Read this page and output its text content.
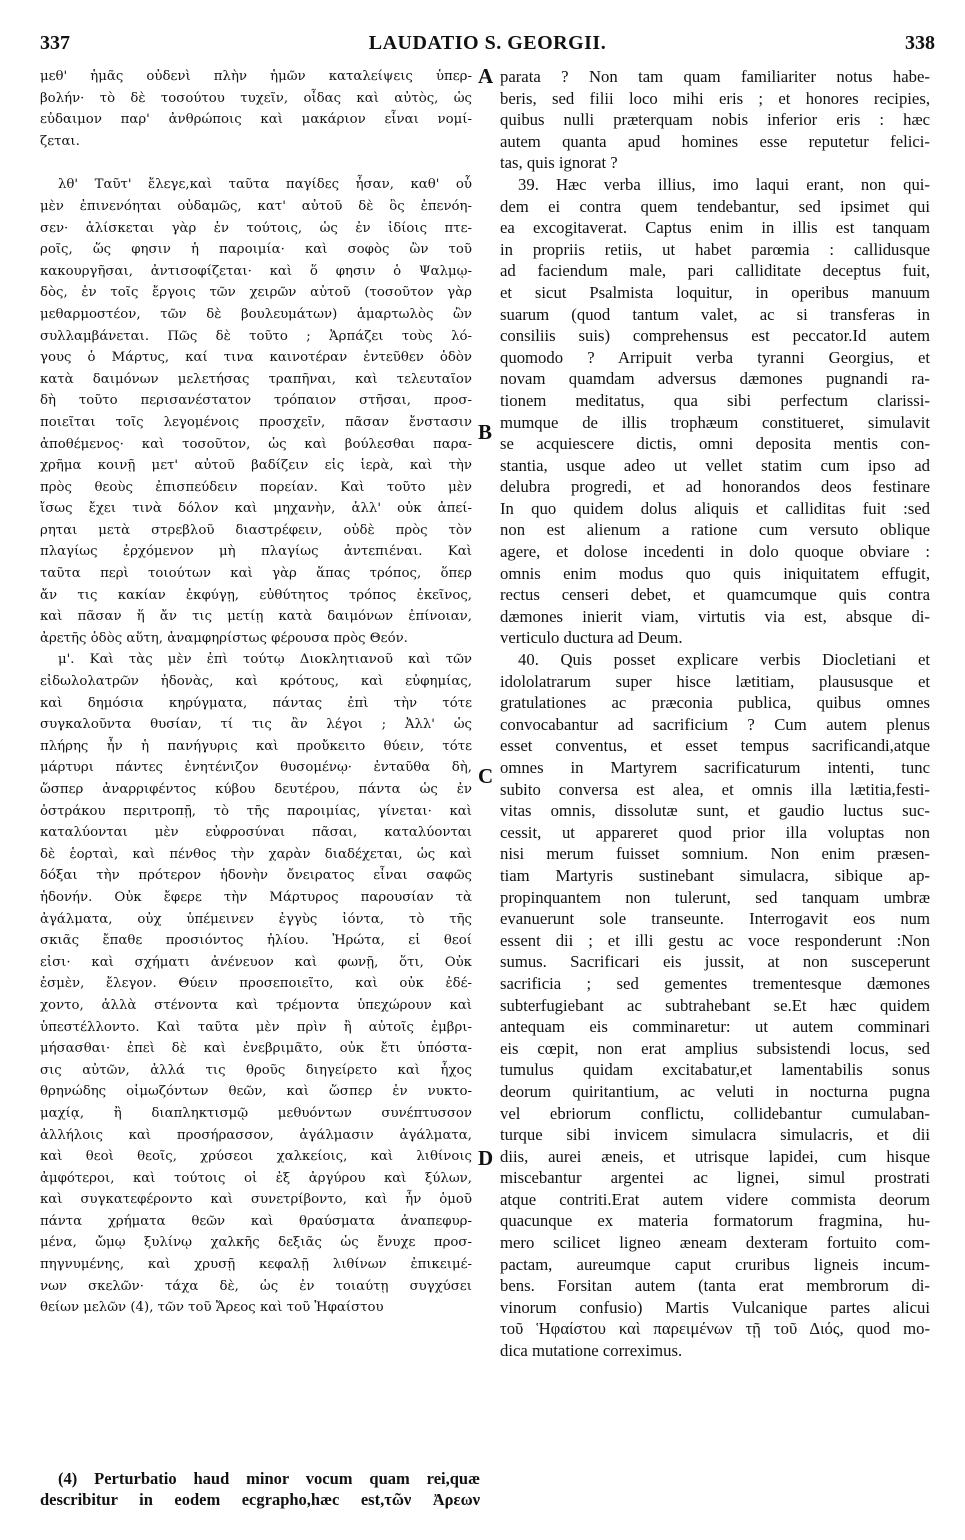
337	LAUDATIO S. GEORGII.	338
μεθ' ἡμᾶς οὐδενὶ πλὴν ἡμῶν καταλείψεις ὑπερ-
βολήν· τὸ δὲ τοσούτου τυχεῖν, οἶδας καὶ αὐτὸς, ὡς
εὐδαιμον παρ' ἀνθρώποις καὶ μακάριον εἶναι νομί-
ζεται.
λθ' Ταῦτ' ἔλεγε,καὶ ταῦτα παγίδες ἦσαν, καθ' οὗ
μὲν ἐπινενόηται οὐδαμῶς, κατ' αὐτοῦ δὲ ὃς ἐπενόη-
σεν· ἁλίσκεται γὰρ ἐν τούτοις, ὡς ἐν ἰδίοις πτε-
ροῖς, ὥς φησιν ἡ παροιμία· καὶ σοφὸς ὢν τοῦ
κακουργῆσαι, ἀντισοφίζεται· καὶ ὅ φησιν ὁ Ψαλμῳ-
δὸς, ἐν τοῖς ἔργοις τῶν χειρῶν αὐτοῦ (τοσοῦτον γὰρ
μεθαρμοστέον, τῶν δὲ βουλευμάτων) ἁμαρτωλὸς ὢν
συλλαμβάνεται. Πῶς δὲ τοῦτο ; Ἁρπάζει τοὺς λό-
γους ὁ Μάρτυς, καί τινα καινοτέραν ἐντεῦθεν ὁδὸν
κατὰ δαιμόνων μελετήσας τραπῆναι, καὶ τελευταῖον
δὴ τοῦτο περισανέστατον τρόπαιον στῆσαι, προσ-
ποιεῖται τοῖς λεγομένοις προσχεῖν, πᾶσαν ἔνστασιν
ἀποθέμενος· καὶ τοσοῦτον, ὡς καὶ βούλεσθαι παρα-
χρῆμα κοινῇ μετ' αὐτοῦ βαδίζειν εἰς ἱερὰ, καὶ τὴν
πρὸς θεοὺς ἐπισπεύδειν πορείαν. Καὶ τοῦτο μὲν
ἴσως ἔχει τινὰ δόλον καὶ μηχανὴν, ἀλλ' οὐκ ἀπεί-
ρηται μετὰ στρεβλοῦ διαστρέφειν, οὐδὲ πρὸς τὸν
πλαγίως ἐρχόμενον μὴ πλαγίως ἀντεπιέναι. Καὶ
ταῦτα περὶ τοιούτων καὶ γὰρ ἅπας τρόπος, ὅπερ
ἄν τις κακίαν ἐκφύγῃ, εὐθύτητος τρόπος ἐκεῖνος,
καὶ πᾶσαν ἥ ἄν τις μετίῃ κατὰ δαιμόνων ἐπίνοιαν,
ἀρετῆς ὁδὸς αὕτη, ἀναμφηρίστως φέρουσα πρὸς Θεόν.
μ'. Καὶ τὰς μὲν ἐπὶ τούτῳ Διοκλητιανοῦ καὶ τῶν
εἰδωλολατρῶν ἡδονὰς, καὶ κρότους, καὶ εὐφημίας,
καὶ δημόσια κηρύγματα, πάντας ἐπὶ τὴν τότε
συγκαλοῦντα θυσίαν, τί τις ἂν λέγοι ; Ἀλλ' ὡς
πλήρης ἦν ἡ πανήγυρις καὶ προὔκειτο θύειν, τότε
μάρτυρι πάντες ἐνητένιζον θυσομένῳ· ἐνταῦθα δὴ,
ὥσπερ ἀναρριφέντος κύβου δευτέρου, πάντα ὡς ἐν
ὀστράκου περιτροπῇ, τὸ τῆς παροιμίας, γίνεται· καὶ
καταλύονται μὲν εὐφροσύναι πᾶσαι, καταλύονται
δὲ ἑορταὶ, καὶ πένθος τὴν χαρὰν διαδέχεται, ὡς καὶ
δόξαι τὴν πρότερον ἡδονὴν ὄνειρατος εἶναι σαφῶς
ἡδονήν. Οὐκ ἔφερε τὴν Μάρτυρος παρουσίαν τὰ
ἀγάλματα, οὐχ ὑπέμεινεν ἐγγὺς ἰόντα, τὸ τῆς
σκιᾶς ἔπαθε προσιόντος ἡλίου. Ἠρώτα, εἰ θεοί
εἰσι· καὶ σχήματι ἀνένευον καὶ φωνῇ, ὅτι, Οὐκ
ἐσμὲν, ἔλεγον. Θύειν προσεποιεῖτο, καὶ οὐκ ἐδέ-
χοντο, ἀλλὰ στένοντα καὶ τρέμοντα ὑπεχώρουν καὶ
ὑπεστέλλοντο. Καὶ ταῦτα μὲν πρὶν ἢ αὐτοῖς ἐμβρι-
μήσασθαι· ἐπεὶ δὲ καὶ ἐνεβριμᾶτο, οὐκ ἔτι ὑπόστα-
σις αὐτῶν, ἀλλά τις θροῦς διηγείρετο καὶ ἦχος
θρηνώδης οἰμωζόντων θεῶν, καὶ ὥσπερ ἐν νυκτο-
μαχίᾳ, ἢ διαπληκτισμῷ μεθυόντων συνέπτυσσον
ἀλλήλοις καὶ προσήρασσον, ἀγάλμασιν ἀγάλματα,
καὶ θεοὶ θεοῖς, χρύσεοι χαλκείοις, καὶ λιθίνοις
ἀμφότεροι, καὶ τούτοις οἱ ἐξ ἀργύρου καὶ ξύλων,
καὶ συγκατεφέροντο καὶ συνετρίβοντο, καὶ ἦν ὁμοῦ
πάντα χρήματα θεῶν καὶ θραύσματα ἀναπεφυρ-
μένα, ὤμῳ ξυλίνῳ χαλκῆς δεξιᾶς ὡς ἔνυχε προσ-
πηγνυμένης, καὶ χρυσῇ κεφαλῇ λιθίνων ἐπικειμέ-
νων σκελῶν· τάχα δὲ, ὡς ἐν τοιαύτῃ συγχύσει
θείων μελῶν (4), τῶν τοῦ Ἄρεος καὶ τοῦ Ἡφαίστου
parata ? Non tam quam familiariter notus habe-
beris, sed filii loco mihi eris ; et honores recipies,
quibus nulli præterquam nobis inferior eris : hæc
autem quanta apud homines esse reputetur felici-
tas, quis ignorat ?
39. Hæc verba illius, imo laqui erant, non qui-
dem ei contra quem tendebantur, sed ipsimet qui
ea excogitaverat. Captus enim in illis est tanquam
in propriis retiis, ut habet parœmia : callidusque
ad faciendum male, pari calliditate deceptus fuit,
et sicut Psalmista loquitur, in operibus manuum
suarum (quod tantum valet, ac si transferas in
consiliis suis) comprehensus est peccator.Id autem
quomodo ? Arripuit verba tyranni Georgius, et
novam quamdam adversus dæmones pugnandi ra-
tionem meditatus, qua sibi perfectum clarissi-
mumque de illis trophæum constitueret, simulavit
se acquiescere dictis, omni deposita mentis con-
stantia, usque adeo ut vellet statim cum ipso ad
delubra progredi, et ad honorandos deos festinare
In quo quidem dolus aliquis et calliditas fuit :sed
non est alienum a ratione cum versuto oblique
agere, et dolose incedenti in dolo quoque obviare :
omnis enim modus quo quis iniquitatem effugit,
rectus censeri debet, et quamcumque quis contra
dæmones inierit viam, virtutis via est, absque di-
verticulo ductura ad Deum.
40. Quis posset explicare verbis Diocletiani et
idololatrarum super hisce lætitiam, plaususque et
gratulationes ac præconia publica, quibus omnes
convocabantur ad sacrificium ? Cum autem plenus
esset conventus, et esset tempus sacrificandi,atque
omnes in Martyrem sacrificaturum intenti, tunc
subito conversa est alea, et omnis illa lætitia,festi-
vitas omnis, dissolutæ sunt, et gaudio luctus suc-
cessit, ut appareret quod prior illa voluptas non
nisi merum fuisset somnium. Non enim præsen-
tiam Martyris sustinebant simulacra, sibique ap-
propinquantem non tulerunt, sed tanquam umbræ
evanuerunt sole transeunte. Interrogavit eos num
essent dii ; et illi gestu ac voce responderunt :Non
sumus. Sacrificari eis jussit, at non susceperunt
sacrificia ; sed gementes trementesque dæmones
subterfugiebant ac subtrahebant se.Et hæc quidem
antequam eis comminaretur: ut autem comminari
eis cœpit, non erat amplius subsistendi locus, sed
tumulus quidam excitabatur,et lamentabilis sonus
deorum quiritantium, ac veluti in nocturna pugna
vel ebriorum conflictu, collidebantur cumulaban-
turque sibi invicem simulacra simulacris, et dii
diis, aurei æneis, et utrisque lapidei, cum hisque
miscebantur argentei ac lignei, simul prostrati
atque contriti.Erat autem videre commista deorum
quacunque ex materia formatorum fragmina, hu-
mero scilicet ligneo æneam dexteram fortuito com-
pactam, aureumque caput cruribus ligneis incum-
bens. Forsitan autem (tanta erat membrorum di-
vinorum confusio) Martis Vulcanique partes alicui
τοῦ Ἡφαίστου καὶ παρειμένων τῇ τοῦ Διός, quod mo-
dica mutatione correximus.
A
B
C
D
(4) Perturbatio haud minor vocum quam rei,quæ
describitur in eodem ecgrapho,hæc est,τῶν Ἀρεων
